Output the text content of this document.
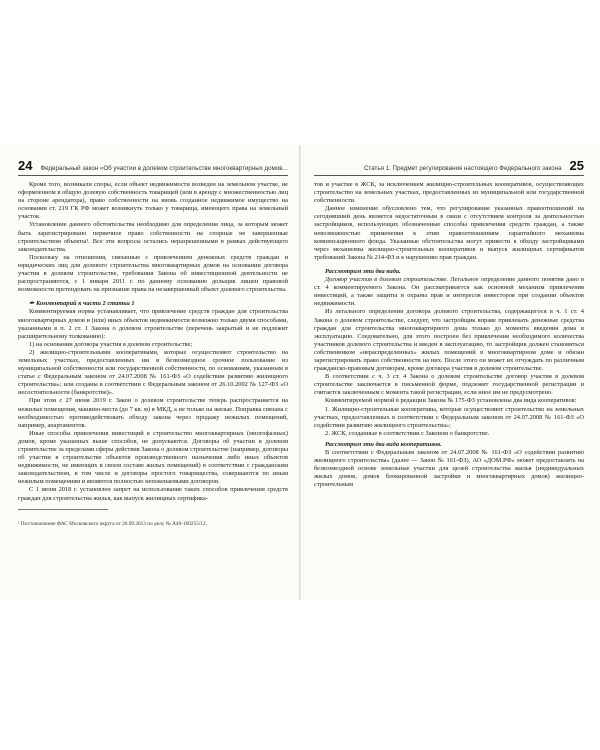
24 Федеральный закон «Об участии в долевом строительстве многоквартирных домов...

Кроме того, возникали споры, если объект недвижимости возведен на земельном участке, не оформленном в общую долевую собственность товарищей (или в аренду с множественностью лиц на стороне арендатора), право собственности на вновь созданное недвижимое имущество на основании ст. 219 ГК РФ может возникнуть только у товарища, имеющего права на земельный участок.

Установление данного обстоятельства необходимо для определения лица, за которым может быть зарегистрировано первичное право собственности на спорные не завершенные строительством объекты¹. Все эти вопросы остались неразрешенными в рамках действующего законодательства.

Поскольку на отношения, связанные с привлечением денежных средств граждан и юридических лиц для долевого строительства многоквартирных домов на основании договора участия в долевом строительстве, требования Закона об инвестиционной деятельности не распространяются, с 1 января 2011 г. по данному основанию дольщик лишен правовой возможности претендовать на признание права на незавершенный объект долевого строительства.

✒ Комментарий к части 2 статьи 1

Комментируемая норма устанавливает, что привлечение средств граждан для строительства многоквартирных домов и (или) иных объектов недвижимости возможно только двумя способами, указанными в п. 2 ст. 1 Закона о долевом строительстве (перечень закрытый и не подлежит расширительному толкованию):

1) на основании договора участия в долевом строительстве;

2) жилищно-строительными кооперативами, которые осуществляют строительство на земельных участках, предоставленных им в безвозмездное срочное пользование из муниципальной собственности или государственной собственности, по основаниям, указанным в статье с Федеральным законом от 24.07.2008 № 161-ФЗ «О содействии развитию жилищного строительства»; или созданы в соответствии с Федеральным законом от 26.10.2002 № 127-ФЗ «О несостоятельности (банкротстве)».

При этом с 27 июня 2019 г. Закон о долевом строительстве теперь распространяется на нежилые помещения, машино-места (до 7 кв. м) в МКД, а не только на жилые. Поправка связана с необходимостью противодействовать обходу закона через продажу нежилых помещений, например, апартаментов.

Иные способы привлечения инвестиций в строительство многоквартирных (многофазных) домов, кроме указанных выше способов, не допускаются. Договоры об участии в долевом строительстве за пределами сферы действия Закона о долевом строительстве (например, договоры об участии в строительстве объектов производственного назначения либо иных объектов недвижимости, не имеющих в своем составе жилых помещений) в соответствии с гражданским законодательством, в том числе и договоры простого товарищества, совершаются по иным нежилым помещениям и являются полностью непокенаемыми договоров.

С 1 июня 2018 г. установлен запрет на использование таких способов привлечения средств граждан для строительства жилья, как выпуск жилищных сертифика-

¹ Постановление ФАС Московского округа от 26.09.2013 по делу № А40-160255/12.
Статья 1. Предмет регулирования настоящего Федерального закона 25

тов и участие в ЖСК, за исключением жилищно-строительных кооперативов, осуществляющих строительство на земельных участках, предоставленных из муниципальной или государственной собственности.

Данное изменение обусловлено тем, что регулирование указанных правоотношений на сегодняшний день является недостаточным в связи с отсутствием контроля за деятельностью застройщиков, использующих обозначенные способы привлечения средств граждан, а также невозможностью применения к этим правоотношениям гарантийного механизма компенсационного фонда. Указанные обстоятельства могут привести к обходу застройщиками через механизмы жилищно-строительных кооперативов и выпуск жилищных сертификатов требований Закона № 214-ФЗ и к нарушению прав граждан.

Рассмотрим эти два вида.

Договор участия в долевом строительстве. Легальное определение данного понятия дано в ст. 4 комментируемого Закона. Он рассматривается как основной механизм привлечения инвестиций, а также защиты и охраны прав и интересов инвесторов при создании объектов недвижимости.

Из легального определения договора долевого строительства, содержащегося в ч. 1 ст. 4 Закона о долевом строительстве, следует, что застройщик вправе привлекать денежные средства граждан для строительства многоквартирного дома только до момента введения дома в эксплуатацию. Следовательно, для этого построен без привлечения необходимого количества участников долевого строительства и введен в эксплуатацию, то застройщик должен становиться собственником «нераспределенных» жилых помещений в многоквартирном доме и обязан зарегистрировать право собственности на них. После этого он может их отчуждать по различным гражданско-правовым договорам, кроме договора участия в долевом строительстве.

В соответствии с ч. 3 ст. 4 Закона о долевом строительстве договор участия в долевом строительстве заключается в письменной форме, подлежит государственной регистрации и считается заключенным с момента такой регистрации, если иное им не предусмотрено.

Комментируемой нормой в редакции Закона № 175-ФЗ установлены два вида кооперативов:

1. Жилищно-строительные кооперативы, которые осуществляют строительство на земельных участках, предоставленных в соответствии с Федеральным законом от 24.07.2008 № 161-ФЗ «О содействии развитию жилищного строительства»;

2. ЖСК, созданные в соответствии с Законом о банкротстве.

Рассмотрим эти два вида кооперативов.

В соответствии с Федеральным законом от 24.07.2008 № 161-ФЗ «О содействии развитию жилищного строительства» (далее — Закон № 161-ФЗ), АО «ДОМ.РФ» может предоставлять на безвозмездной основе земельные участки для целей строительства жилья (индивидуальных жилых домов, домов блокированной застройки и многоквартирных домов) жилищно-строительным
